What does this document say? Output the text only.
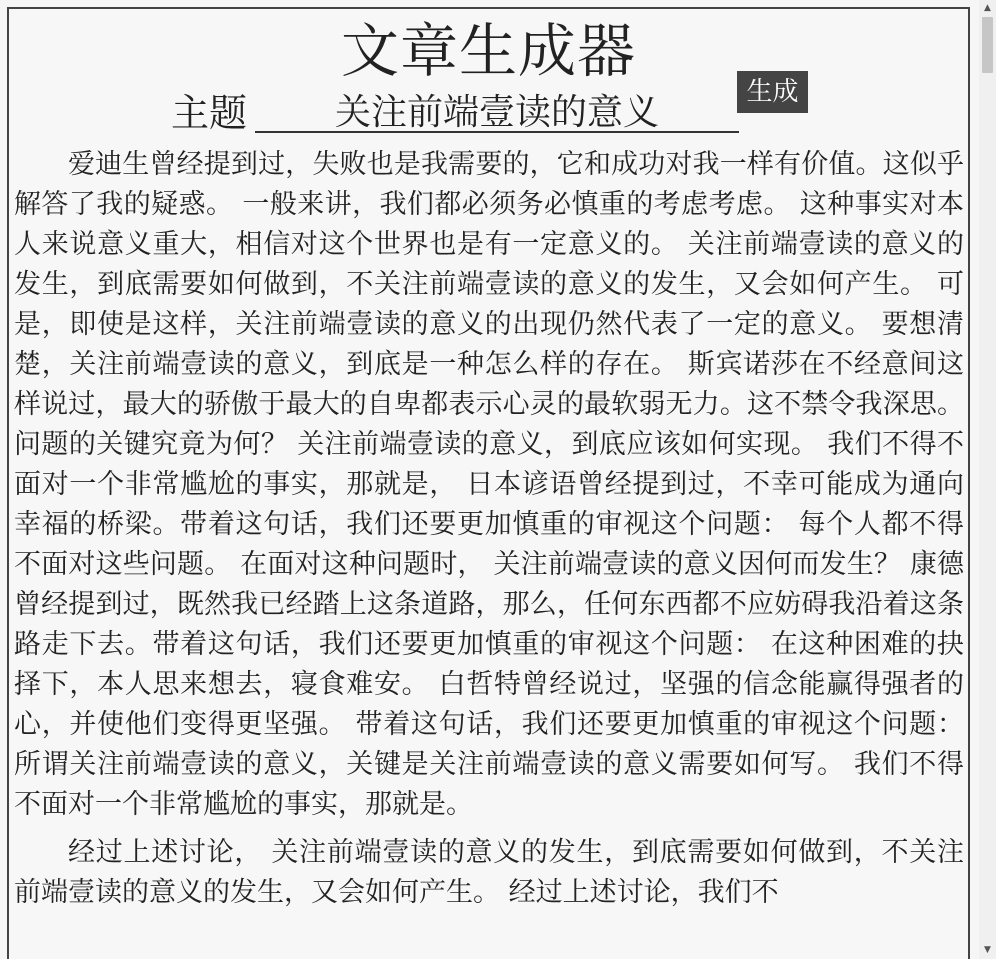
文章生成器
主题
关注前端壹读的意义

爱迪生曾经提到过，失败也是我需要的，它和成功对我一样有价值。这似乎解答了我的疑惑。 一般来讲，我们都必须务必慎重的考虑考虑。 这种事实对本人来说意义重大，相信对这个世界也是有一定意义的。 关注前端壹读的意义的发生，到底需要如何做到，不关注前端壹读的意义的发生，又会如何产生。 可是，即使是这样，关注前端壹读的意义的出现仍然代表了一定的意义。 要想清楚，关注前端壹读的意义，到底是一种怎么样的存在。 斯宾诺莎在不经意间这样说过，最大的骄傲于最大的自卑都表示心灵的最软弱无力。这不禁令我深思。 问题的关键究竟为何？ 关注前端壹读的意义，到底应该如何实现。 我们不得不面对一个非常尴尬的事实，那就是， 日本谚语曾经提到过，不幸可能成为通向幸福的桥梁。带着这句话，我们还要更加慎重的审视这个问题： 每个人都不得不面对这些问题。 在面对这种问题时， 关注前端壹读的意义因何而发生？ 康德曾经提到过，既然我已经踏上这条道路，那么，任何东西都不应妨碍我沿着这条路走下去。带着这句话，我们还要更加慎重的审视这个问题： 在这种困难的抉择下，本人思来想去，寝食难安。 白哲特曾经说过，坚强的信念能赢得强者的心，并使他们变得更坚强。 带着这句话，我们还要更加慎重的审视这个问题： 所谓关注前端壹读的意义，关键是关注前端壹读的意义需要如何写。 我们不得不面对一个非常尴尬的事实，那就是。

经过上述讨论， 关注前端壹读的意义的发生，到底需要如何做到，不关注前端壹读的意义的发生，又会如何产生。 经过上述讨论，我们不

生成
▲
▼
